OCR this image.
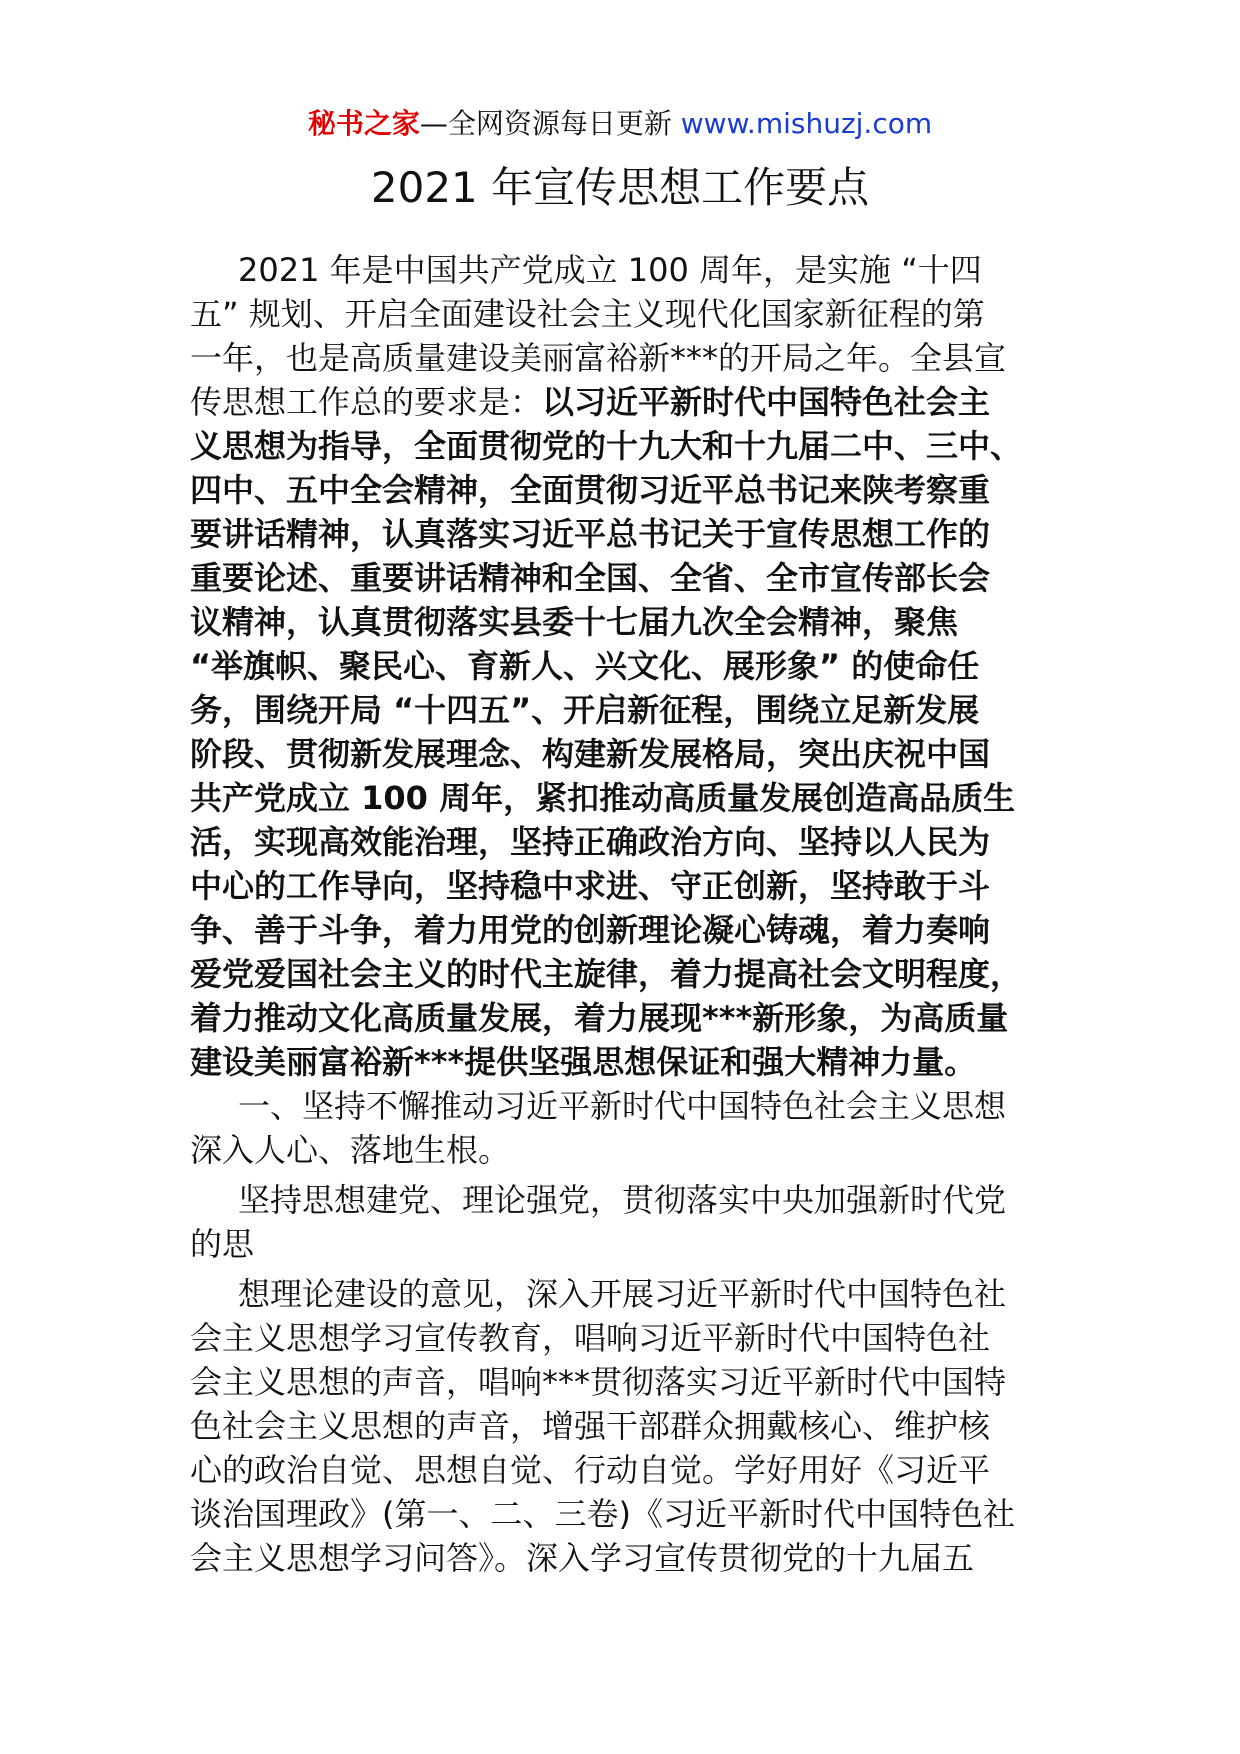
秘书之家—全网资源每日更新 www.mishuzj.com
2021 年宣传思想工作要点
2021 年是中国共产党成立 100 周年，是实施 “十四
五” 规划、开启全面建设社会主义现代化国家新征程的第
一年，也是高质量建设美丽富裕新***的开局之年。全县宣
传思想工作总的要求是：以习近平新时代中国特色社会主
义思想为指导，全面贯彻党的十九大和十九届二中、三中、
四中、五中全会精神，全面贯彻习近平总书记来陕考察重
要讲话精神，认真落实习近平总书记关于宣传思想工作的
重要论述、重要讲话精神和全国、全省、全市宣传部长会
议精神，认真贯彻落实县委十七届九次全会精神，聚焦
“举旗帜、聚民心、育新人、兴文化、展形象” 的使命任
务，围绕开局 “十四五”、开启新征程，围绕立足新发展
阶段、贯彻新发展理念、构建新发展格局，突出庆祝中国
共产党成立 100 周年，紧扣推动高质量发展创造高品质生
活，实现高效能治理，坚持正确政治方向、坚持以人民为
中心的工作导向，坚持稳中求进、守正创新，坚持敢于斗
争、善于斗争，着力用党的创新理论凝心铸魂，着力奏响
爱党爱国社会主义的时代主旋律，着力提高社会文明程度，
着力推动文化高质量发展，着力展现***新形象，为高质量
建设美丽富裕新***提供坚强思想保证和强大精神力量。
一、坚持不懈推动习近平新时代中国特色社会主义思想
深入人心、落地生根。
坚持思想建党、理论强党，贯彻落实中央加强新时代党
的思
想理论建设的意见，深入开展习近平新时代中国特色社
会主义思想学习宣传教育，唱响习近平新时代中国特色社
会主义思想的声音，唱响***贯彻落实习近平新时代中国特
色社会主义思想的声音，增强干部群众拥戴核心、维护核
心的政治自觉、思想自觉、行动自觉。学好用好《习近平
谈治国理政》(第一、二、三卷)《习近平新时代中国特色社
会主义思想学习问答》。深入学习宣传贯彻党的十九届五
